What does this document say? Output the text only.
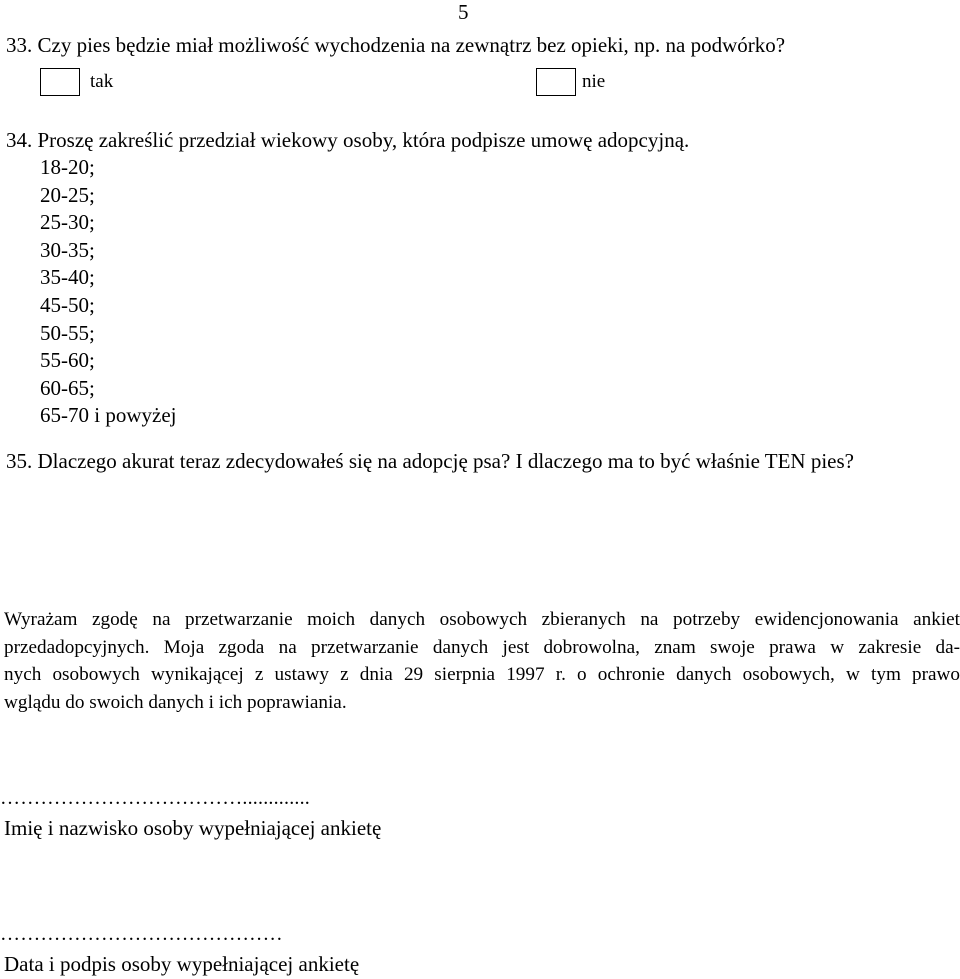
5
33. Czy pies będzie miał możliwość wychodzenia na zewnątrz bez opieki, np. na podwórko?
tak	nie
34. Proszę zakreślić przedział wiekowy osoby, która podpisze umowę adopcyjną.
18-20;
20-25;
25-30;
30-35;
35-40;
45-50;
50-55;
55-60;
60-65;
65-70 i powyżej
35. Dlaczego akurat teraz zdecydowałeś się na adopcję psa? I dlaczego ma to być właśnie TEN pies?
Wyrażam zgodę na przetwarzanie moich danych osobowych zbieranych na potrzeby ewidencjonowania ankiet
przedadopcyjnych. Moja zgoda na przetwarzanie danych jest dobrowolna, znam swoje prawa w zakresie da-
nych osobowych wynikającej z ustawy z dnia 29 sierpnia 1997 r. o ochronie danych osobowych, w tym prawo
wglądu do swoich danych i ich poprawiania.
……………………………….............
Imię i nazwisko osoby wypełniającej ankietę
……………………………………
Data i podpis osoby wypełniającej ankietę
